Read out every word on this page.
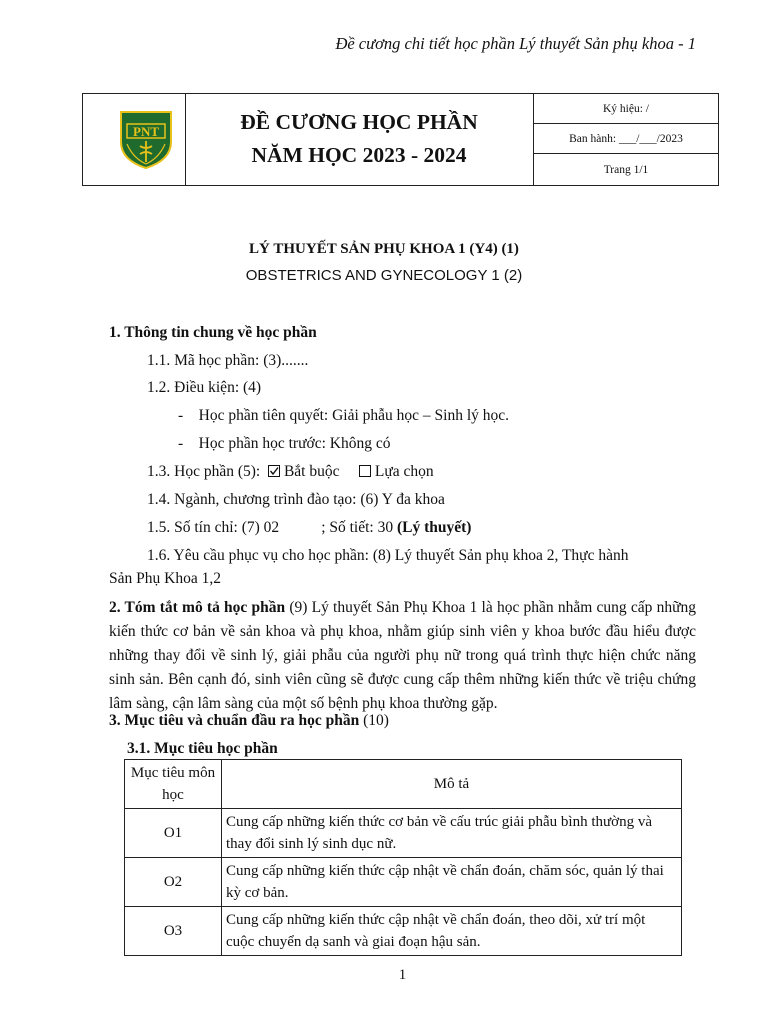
Đề cương chi tiết học phần Lý thuyết Sản phụ khoa - 1
PNT	ĐỀ CƯƠNG HỌC PHẦN
NĂM HỌC 2023 - 2024
Ký hiệu: /
Ban hành: ___/___/2023
Trang 1/1
LÝ THUYẾT SẢN PHỤ KHOA 1 (Y4) (1)
OBSTETRICS AND GYNECOLOGY 1 (2)
1. Thông tin chung về học phần
1.1. Mã học phần: (3).......
1.2. Điều kiện: (4)
-    Học phần tiên quyết: Giải phẫu học – Sinh lý học.
-    Học phần học trước: Không có
1.3. Học phần (5): Bắt buộc Lựa chọn
1.4. Ngành, chương trình đào tạo: (6) Y đa khoa
1.5. Số tín chỉ: (7) 02	; Số tiết: 30 (Lý thuyết)
1.6. Yêu cầu phục vụ cho học phần: (8) Lý thuyết Sản phụ khoa 2, Thực hành
Sản Phụ Khoa 1,2
2. Tóm tắt mô tả học phần (9) Lý thuyết Sản Phụ Khoa 1 là học phần nhằm cung cấp những kiến thức cơ bản về sản khoa và phụ khoa, nhằm giúp sinh viên y khoa bước đầu hiểu được những thay đổi về sinh lý, giải phẫu của người phụ nữ trong quá trình thực hiện chức năng sinh sản. Bên cạnh đó, sinh viên cũng sẽ được cung cấp thêm những kiến thức về triệu chứng lâm sàng, cận lâm sàng của một số bệnh phụ khoa thường gặp.
3. Mục tiêu và chuẩn đầu ra học phần (10)
3.1. Mục tiêu học phần
Mục tiêu môn học	Mô tả
O1	Cung cấp những kiến thức cơ bản về cấu trúc giải phẫu bình thường và thay đổi sinh lý sinh dục nữ.
O2	Cung cấp những kiến thức cập nhật về chẩn đoán, chăm sóc, quản lý thai kỳ cơ bản.
O3	Cung cấp những kiến thức cập nhật về chẩn đoán, theo dõi, xử trí một cuộc chuyển dạ sanh và giai đoạn hậu sản.
1
